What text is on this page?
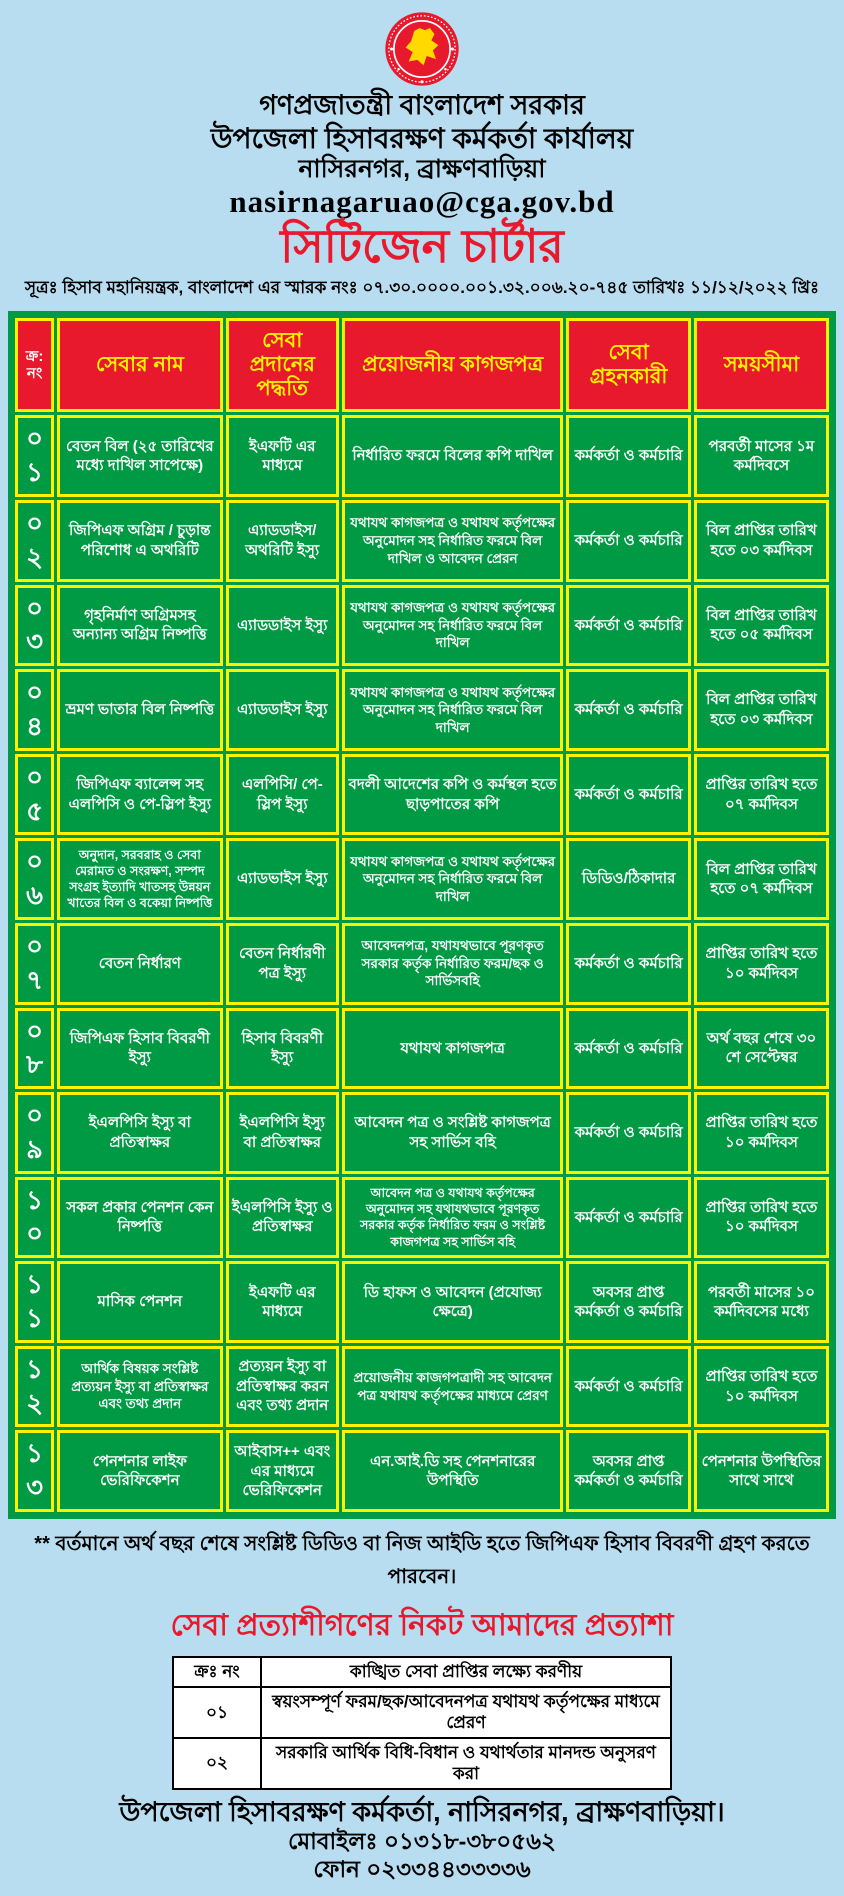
গণপ্রজাতন্ত্রী বাংলাদেশ সরকার
উপজেলা হিসাবরক্ষণ কর্মকর্তা কার্যালয়
নাসিরনগর, ব্রাক্ষণবাড়িয়া
nasirnagaruao@cga.gov.bd
সিটিজেন চার্টার
সূত্রঃ হিসাব মহানিয়ন্ত্রক, বাংলাদেশ এর স্মারক নংঃ ০৭.৩০.০০০০.০০১.৩২.০০৬.২০-৭৪৫ তারিখঃ ১১/১২/২০২২ খ্রিঃ
ক্র: নং	সেবার নাম	সেবা প্রদানের পদ্ধতি	প্রয়োজনীয় কাগজপত্র	সেবা গ্রহনকারী	সময়সীমা
০১	বেতন বিল (২৫ তারিখের মধ্যে দাখিল সাপেক্ষে)	ইএফটি এর মাধ্যমে	নির্ধারিত ফরমে বিলের কপি দাখিল	কর্মকর্তা ও কর্মচারি	পরবর্তী মাসের ১ম কর্মদিবসে
০২	জিপিএফ অগ্রিম / চুড়ান্ত পরিশোধ এ অথরিটি	এ্যাডডাইস/ অথরিটি ইস্যু	যথাযথ কাগজপত্র ও যথাযথ কর্তৃপক্ষের অনুমোদন সহ নির্ধারিত ফরমে বিল দাখিল ও আবেদন প্রেরন	কর্মকর্তা ও কর্মচারি	বিল প্রাপ্তির তারিখ হতে ০৩ কর্মদিবস
০৩	গৃহনির্মাণ অগ্রিমসহ অন্যান্য অগ্রিম নিষ্পত্তি	এ্যাডডাইস ইস্যু	যথাযথ কাগজপত্র ও যথাযথ কর্তৃপক্ষের অনুমোদন সহ নির্ধারিত ফরমে বিল দাখিল	কর্মকর্তা ও কর্মচারি	বিল প্রাপ্তির তারিখ হতে ০৫ কর্মদিবস
০৪	ভ্রমণ ভাতার বিল নিষ্পত্তি	এ্যাডডাইস ইস্যু	যথাযথ কাগজপত্র ও যথাযথ কর্তৃপক্ষের অনুমোদন সহ নির্ধারিত ফরমে বিল দাখিল	কর্মকর্তা ও কর্মচারি	বিল প্রাপ্তির তারিখ হতে ০৩ কর্মদিবস
০৫	জিপিএফ ব্যালেন্স সহ এলপিসি ও পে-স্লিপ ইস্যু	এলপিসি/ পে-স্লিপ ইস্যু	বদলী আদেশের কপি ও কর্মস্থল হতে ছাড়পাতের কপি	কর্মকর্তা ও কর্মচারি	প্রাপ্তির তারিখ হতে ০৭ কর্মদিবস
০৬	অনুদান, সরবরাহ ও সেবা মেরামত ও সংরক্ষণ, সম্পদ সংগ্রহ ইত্যাদি খাতসহ উন্নয়ন খাতের বিল ও বকেয়া নিষ্পত্তি	এ্যাডভাইস ইস্যু	যথাযথ কাগজপত্র ও যথাযথ কর্তৃপক্ষের অনুমোদন সহ নির্ধারিত ফরমে বিল দাখিল	ডিডিও/ঠিকাদার	বিল প্রাপ্তির তারিখ হতে ০৭ কর্মদিবস
০৭	বেতন নির্ধারণ	বেতন নির্ধারণী পত্র ইস্যু	আবেদনপত্র, যথাযথভাবে পূরণকৃত সরকার কর্তৃক নির্ধারিত ফরম/ছক ও সার্ভিসবহি	কর্মকর্তা ও কর্মচারি	প্রাপ্তির তারিখ হতে ১০ কর্মদিবস
০৮	জিপিএফ হিসাব বিবরণী ইস্যু	হিসাব বিবরণী ইস্যু	যথাযথ কাগজপত্র	কর্মকর্তা ও কর্মচারি	অর্থ বছর শেষে ৩০ শে সেপ্টেম্বর
০৯	ইএলপিসি ইস্যু বা প্রতিস্বাক্ষর	ইএলপিসি ইস্যু বা প্রতিস্বাক্ষর	আবেদন পত্র ও সংশ্লিষ্ট কাগজপত্র সহ সার্ভিস বহি	কর্মকর্তা ও কর্মচারি	প্রাপ্তির তারিখ হতে ১০ কর্মদিবস
১০	সকল প্রকার পেনশন কেন নিষ্পত্তি	ইএলপিসি ইস্যু ও প্রতিস্বাক্ষর	আবেদন পত্র ও যথাযথ কর্তৃপক্ষের অনুমোদন সহ যথাযথভাবে পূরণকৃত সরকার কর্তৃক নির্ধারিত ফরম ও সংশ্লিষ্ট কাজগপত্র সহ সার্ভিস বহি	কর্মকর্তা ও কর্মচারি	প্রাপ্তির তারিখ হতে ১০ কর্মদিবস
১১	মাসিক পেনশন	ইএফটি এর মাধ্যমে	ডি হাফস ও আবেদন (প্রযোজ্য ক্ষেত্রে)	অবসর প্রাপ্ত কর্মকর্তা ও কর্মচারি	পরবর্তী মাসের ১০ কর্মদিবসের মধ্যে
১২	আর্থিক বিষয়ক সংশ্লিষ্ট প্রত্যয়ন ইস্যু বা প্রতিস্বাক্ষর এবং তথ্য প্রদান	প্রত্যয়ন ইস্যু বা প্রতিস্বাক্ষর করন এবং তথ্য প্রদান	প্রয়োজনীয় কাজগপত্রাদী সহ আবেদন পত্র যথাযথ কর্তৃপক্ষের মাধ্যমে প্রেরণ	কর্মকর্তা ও কর্মচারি	প্রাপ্তির তারিখ হতে ১০ কর্মদিবস
১৩	পেনশনার লাইফ ভেরিফিকেশন	আইবাস++ এবং এর মাধ্যমে ভেরিফিকেশন	এন.আই.ডি সহ পেনশনারের উপস্থিতি	অবসর প্রাপ্ত কর্মকর্তা ও কর্মচারি	পেনশনার উপস্থিতির সাথে সাথে
** বর্তমানে অর্থ বছর শেষে সংশ্লিষ্ট ডিডিও বা নিজ আইডি হতে জিপিএফ হিসাব বিবরণী গ্রহণ করতে পারবেন।
সেবা প্রত্যাশীগণের নিকট আমাদের প্রত্যাশা
ক্রঃ নং	কাঙ্খিত সেবা প্রাপ্তির লক্ষ্যে করণীয়
০১	স্বয়ংসম্পূর্ণ ফরম/ছক/আবেদনপত্র যথাযথ কর্তৃপক্ষের মাধ্যমে প্রেরণ
০২	সরকারি আর্থিক বিধি-বিধান ও যথার্থতার মানদন্ড অনুসরণ করা
উপজেলা হিসাবরক্ষণ কর্মকর্তা, নাসিরনগর, ব্রাক্ষণবাড়িয়া।
মোবাইলঃ ০১৩১৮-৩৮০৫৬২
ফোন ০২৩৩৪৪৩৩৩৩৬
